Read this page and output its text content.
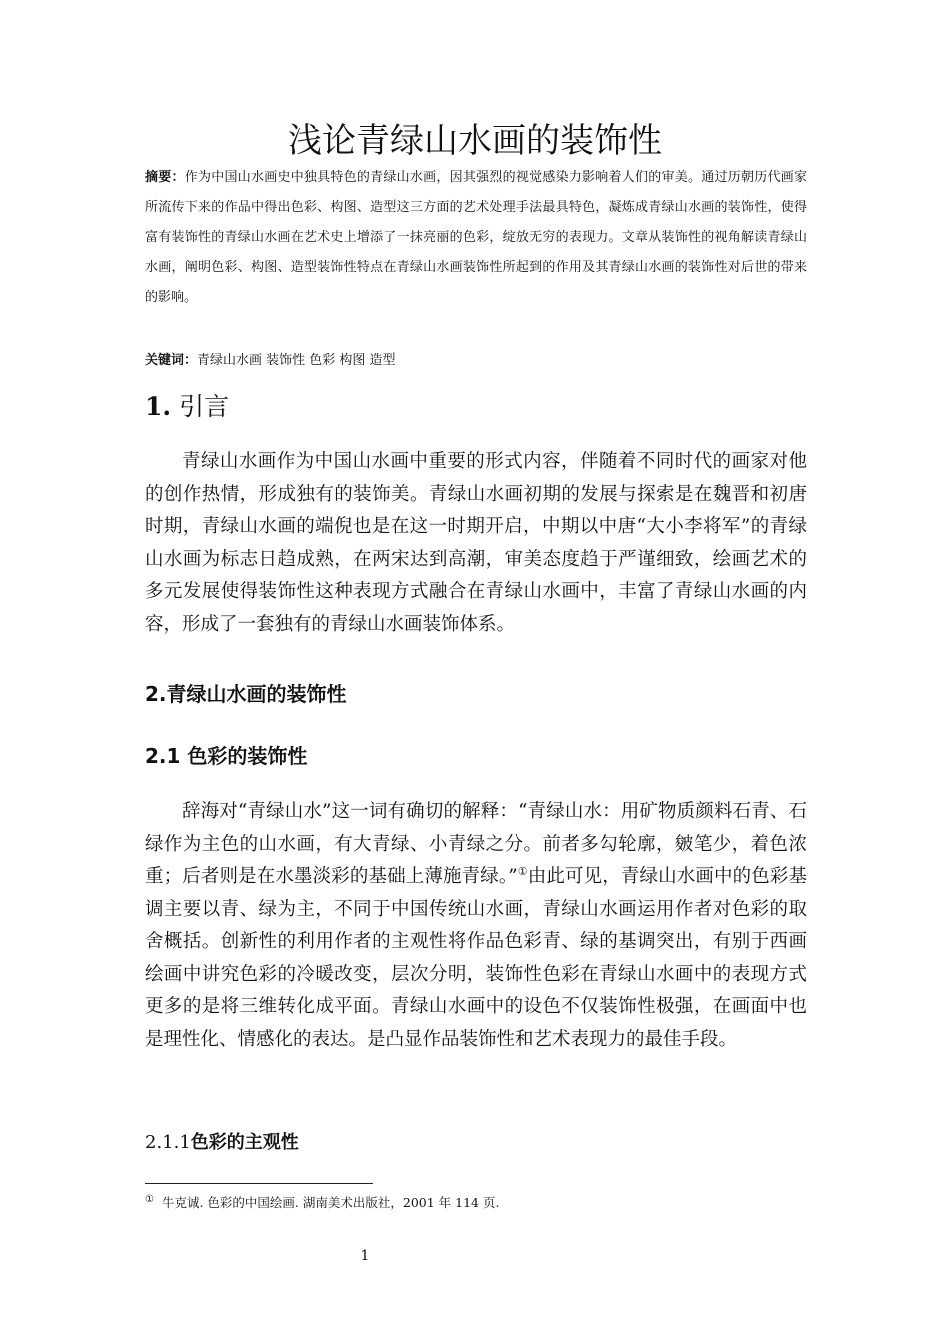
浅论青绿山水画的装饰性

摘要：作为中国山水画史中独具特色的青绿山水画，因其强烈的视觉感染力影响着人们的审美。通过历朝历代画家所流传下来的作品中得出色彩、构图、造型这三方面的艺术处理手法最具特色，凝炼成青绿山水画的装饰性，使得富有装饰性的青绿山水画在艺术史上增添了一抹亮丽的色彩，绽放无穷的表现力。文章从装饰性的视角解读青绿山水画，阐明色彩、构图、造型装饰性特点在青绿山水画装饰性所起到的作用及其青绿山水画的装饰性对后世的带来的影响。

关键词：青绿山水画 装饰性 色彩 构图 造型

1. 引言

青绿山水画作为中国山水画中重要的形式内容，伴随着不同时代的画家对他的创作热情，形成独有的装饰美。青绿山水画初期的发展与探索是在魏晋和初唐时期，青绿山水画的端倪也是在这一时期开启，中期以中唐“大小李将军”的青绿山水画为标志日趋成熟，在两宋达到高潮，审美态度趋于严谨细致，绘画艺术的多元发展使得装饰性这种表现方式融合在青绿山水画中，丰富了青绿山水画的内容，形成了一套独有的青绿山水画装饰体系。

2.青绿山水画的装饰性
2.1 色彩的装饰性

辞海对“青绿山水”这一词有确切的解释：“青绿山水：用矿物质颜料石青、石绿作为主色的山水画，有大青绿、小青绿之分。前者多勾轮廓，皴笔少，着色浓重；后者则是在水墨淡彩的基础上薄施青绿。”①由此可见，青绿山水画中的色彩基调主要以青、绿为主，不同于中国传统山水画，青绿山水画运用作者对色彩的取舍概括。创新性的利用作者的主观性将作品色彩青、绿的基调突出，有别于西画绘画中讲究色彩的冷暖改变，层次分明，装饰性色彩在青绿山水画中的表现方式更多的是将三维转化成平面。青绿山水画中的设色不仅装饰性极强，在画面中也是理性化、情感化的表达。是凸显作品装饰性和艺术表现力的最佳手段。

2.1.1色彩的主观性

① 牛克诚. 色彩的中国绘画. 湖南美术出版社，2001 年 114 页.

1
